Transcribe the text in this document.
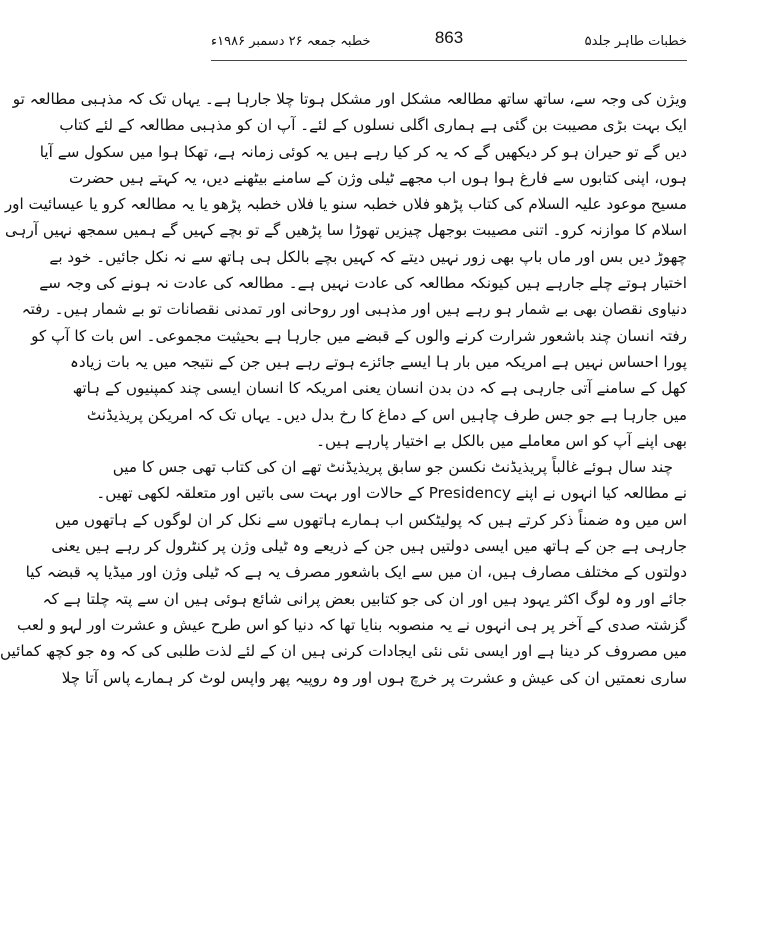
خطبہ جمعہ ۲۶ دسمبر ۱۹۸۶ء	863	خطبات طاہر جلد۵
ویژن کی وجہ سے، ساتھ ساتھ مطالعہ مشکل اور مشکل ہوتا چلا جارہا ہے۔ یہاں تک کہ مذہبی مطالعہ تو
ایک بہت بڑی مصیبت بن گئی ہے ہماری اگلی نسلوں کے لئے۔ آپ ان کو مذہبی مطالعہ کے لئے کتاب
دیں گے تو حیران ہو کر دیکھیں گے کہ یہ کر کیا رہے ہیں یہ کوئی زمانہ ہے، تھکا ہوا میں سکول سے آیا
ہوں، اپنی کتابوں سے فارغ ہوا ہوں اب مجھے ٹیلی وژن کے سامنے بیٹھنے دیں، یہ کہتے ہیں حضرت
مسیح موعود علیہ السلام کی کتاب پڑھو فلاں خطبہ سنو یا فلاں خطبہ پڑھو یا یہ مطالعہ کرو یا عیسائیت اور
اسلام کا موازنہ کرو۔ اتنی مصیبت بوجھل چیزیں تھوڑا سا پڑھیں گے تو بچے کہیں گے ہمیں سمجھ نہیں آرہی
چھوڑ دیں بس اور ماں باپ بھی زور نہیں دیتے کہ کہیں بچے بالکل ہی ہاتھ سے نہ نکل جائیں۔ خود بے
اختیار ہوتے چلے جارہے ہیں کیونکہ مطالعہ کی عادت نہیں ہے۔ مطالعہ کی عادت نہ ہونے کی وجہ سے
دنیاوی نقصان بھی بے شمار ہو رہے ہیں اور مذہبی اور روحانی اور تمدنی نقصانات تو بے شمار ہیں۔ رفتہ
رفتہ انسان چند باشعور شرارت کرنے والوں کے قبضے میں جارہا ہے بحیثیت مجموعی۔ اس بات کا آپ کو
پورا احساس نہیں ہے امریکہ میں بار ہا ایسے جائزے ہوتے رہے ہیں جن کے نتیجہ میں یہ بات زیادہ
کھل کے سامنے آتی جارہی ہے کہ دن بدن انسان یعنی امریکہ کا انسان ایسی چند کمپنیوں کے ہاتھ
میں جارہا ہے جو جس طرف چاہیں اس کے دماغ کا رخ بدل دیں۔ یہاں تک کہ امریکن پریذیڈنٹ
بھی اپنے آپ کو اس معاملے میں بالکل بے اختیار پارہے ہیں۔
چند سال ہوئے غالباً پریذیڈنٹ نکسن جو سابق پریذیڈنٹ تھے ان کی کتاب تھی جس کا میں
نے مطالعہ کیا انہوں نے اپنے Presidency کے حالات اور بہت سی باتیں اور متعلقہ لکھی تھیں۔
اس میں وہ ضمناً ذکر کرتے ہیں کہ پولیٹکس اب ہمارے ہاتھوں سے نکل کر ان لوگوں کے ہاتھوں میں
جارہی ہے جن کے ہاتھ میں ایسی دولتیں ہیں جن کے ذریعے وہ ٹیلی وژن پر کنٹرول کر رہے ہیں یعنی
دولتوں کے مختلف مصارف ہیں، ان میں سے ایک باشعور مصرف یہ ہے کہ ٹیلی وژن اور میڈیا پہ قبضہ کیا
جائے اور وہ لوگ اکثر یہود ہیں اور ان کی جو کتابیں بعض پرانی شائع ہوئی ہیں ان سے پتہ چلتا ہے کہ
گزشتہ صدی کے آخر پر ہی انہوں نے یہ منصوبہ بنایا تھا کہ دنیا کو اس طرح عیش و عشرت اور لہو و لعب
میں مصروف کر دینا ہے اور ایسی نئی نئی ایجادات کرنی ہیں ان کے لئے لذت طلبی کی کہ وہ جو کچھ کمائیں
ساری نعمتیں ان کی عیش و عشرت پر خرچ ہوں اور وہ روپیہ پھر واپس لوٹ کر ہمارے پاس آتا چلا
